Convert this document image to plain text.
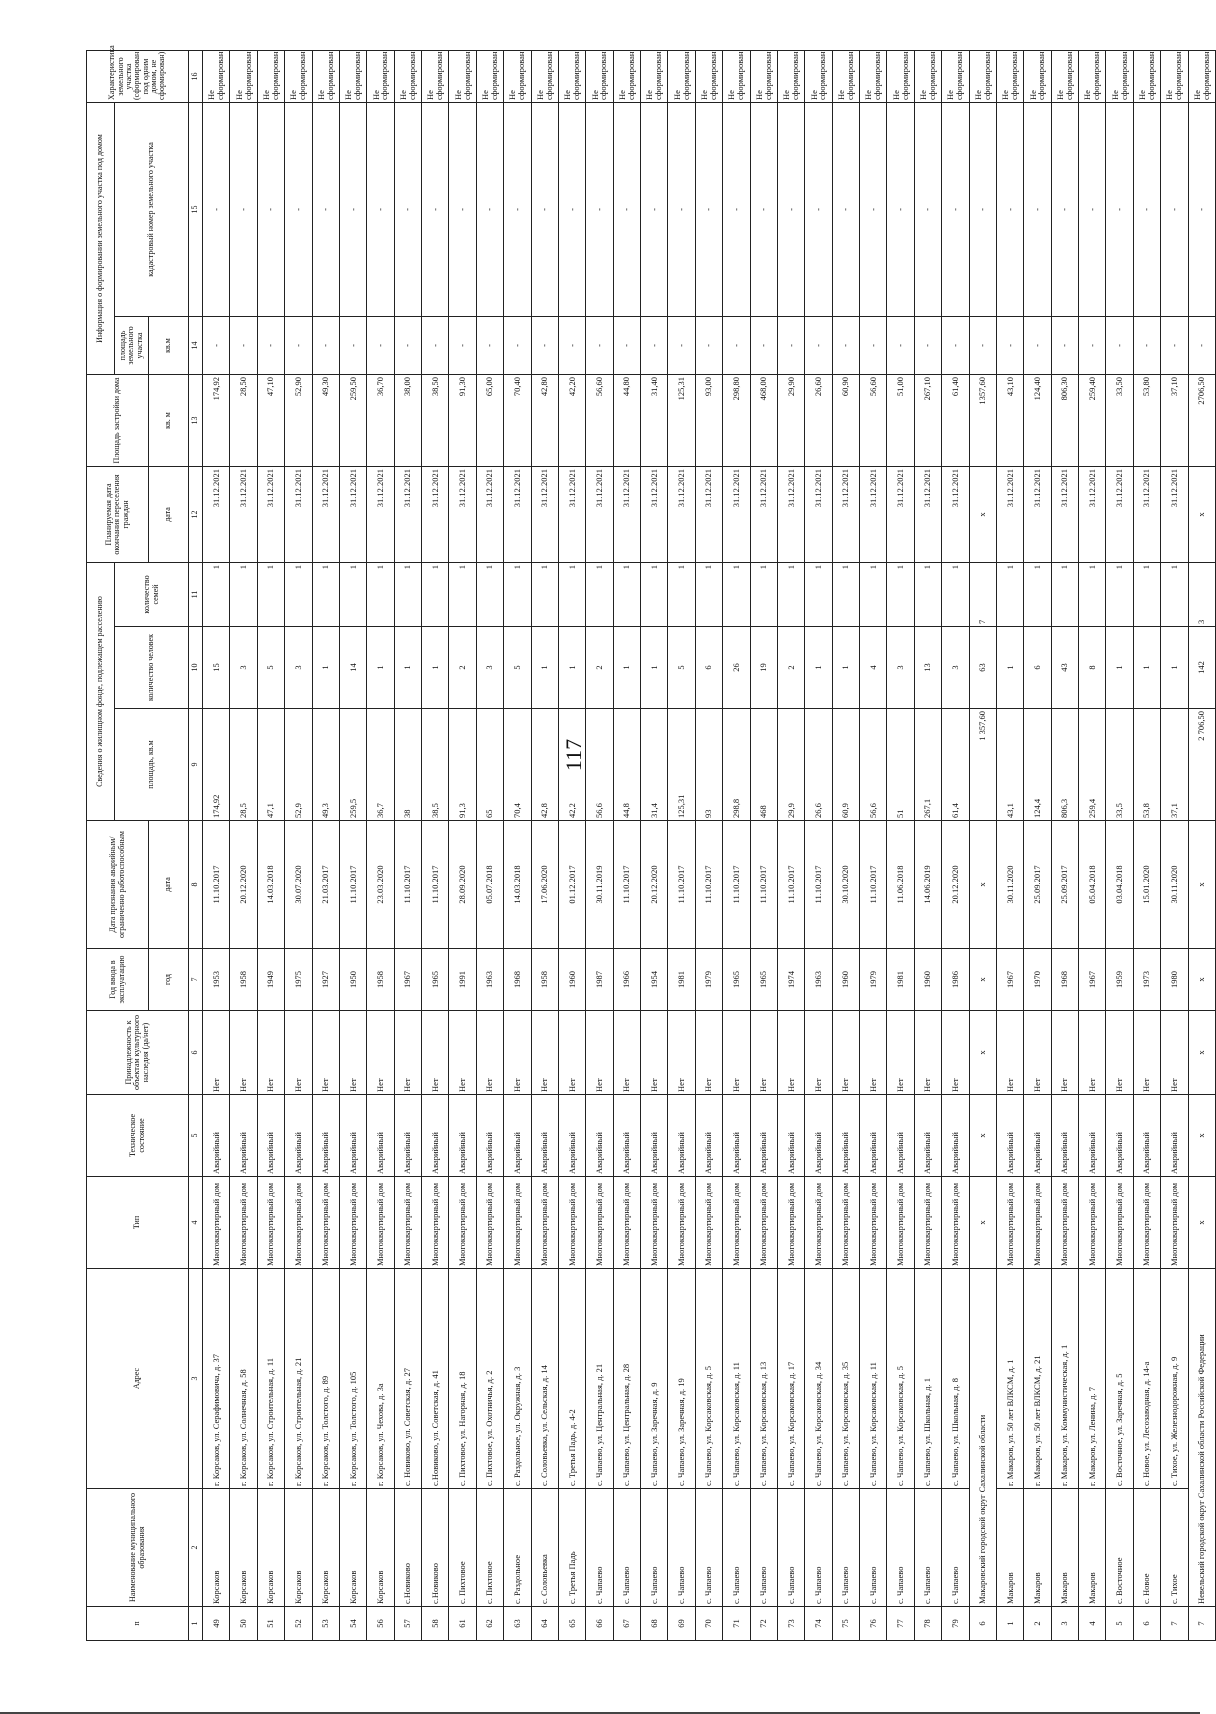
117
п	Наименование муниципального образования	Адрес	Тип	Техническое состояние	Принадлежность к объектам культурного наследия (да/нет)	Год ввода в эксплуатацию	Дата признания аварийным/ограниченно работоспособным	Сведения о жилищном фонде, подлежащем расселению			Планируемая дата окончания переселения граждан	Площадь застройки дома	Информация о формировании земельного участка под домом		Характеристика земельного участка (сформирован под одним домом, не сформирован)
								площадь, кв.м	количество человек	количество семей			площадь земельного участка	кадастровый номер земельного участка	
						год	дата				дата	кв. м	кв.м		
1	2	3	4	5	6	7	8	9	10	11	12	13	14	15	16
49	Корсаков	г. Корсаков, ул. Серафимовича, д. 37	Многоквартирный дом	Аварийный	Нет	1953	11.10.2017	174,92	15	1	31.12.2021	174,92	-	-	Не сформирован
50	Корсаков	г. Корсаков, ул. Солнечная, д. 58	Многоквартирный дом	Аварийный	Нет	1958	20.12.2020	28,5	3	1	31.12.2021	28,50	-	-	Не сформирован
51	Корсаков	г. Корсаков, ул. Строительная, д. 11	Многоквартирный дом	Аварийный	Нет	1949	14.03.2018	47,1	5	1	31.12.2021	47,10	-	-	Не сформирован
52	Корсаков	г. Корсаков, ул. Строительная, д. 21	Многоквартирный дом	Аварийный	Нет	1975	30.07.2020	52,9	3	1	31.12.2021	52,90	-	-	Не сформирован
53	Корсаков	г. Корсаков, ул. Толстого, д. 89	Многоквартирный дом	Аварийный	Нет	1927	21.03.2017	49,3	1	1	31.12.2021	49,30	-	-	Не сформирован
54	Корсаков	г. Корсаков, ул. Толстого, д. 105	Многоквартирный дом	Аварийный	Нет	1950	11.10.2017	259,5	14	1	31.12.2021	259,50	-	-	Не сформирован
56	Корсаков	г. Корсаков, ул. Чехова, д. 3а	Многоквартирный дом	Аварийный	Нет	1958	23.03.2020	36,7	1	1	31.12.2021	36,70	-	-	Не сформирован
57	с.Новиково	с. Новиково, ул. Советская, д. 27	Многоквартирный дом	Аварийный	Нет	1967	11.10.2017	38	1	1	31.12.2021	38,00	-	-	Не сформирован
58	с.Новиково	с.Новиково, ул. Советская, д. 41	Многоквартирный дом	Аварийный	Нет	1965	11.10.2017	38,5	1	1	31.12.2021	38,50	-	-	Не сформирован
61	с. Пихтовое	с. Пихтовое, ул. Нагорная, д. 18	Многоквартирный дом	Аварийный	Нет	1991	28.09.2020	91,3	2	1	31.12.2021	91,30	-	-	Не сформирован
62	с. Пихтовое	с. Пихтовое, ул. Охотничья, д. 2	Многоквартирный дом	Аварийный	Нет	1963	05.07.2018	65	3	1	31.12.2021	65,00	-	-	Не сформирован
63	с. Раздольное	с. Раздольное, ул. Окружная, д. 3	Многоквартирный дом	Аварийный	Нет	1968	14.03.2018	70,4	5	1	31.12.2021	70,40	-	-	Не сформирован
64	с. Соловьевка	с. Соловьевка, ул. Сельская, д. 14	Многоквартирный дом	Аварийный	Нет	1958	17.06.2020	42,8	1	1	31.12.2021	42,80	-	-	Не сформирован
65	с. Третья Падь	с. Третья Падь, д. 4-2	Многоквартирный дом	Аварийный	Нет	1960	01.12.2017	42,2	1	1	31.12.2021	42,20	-	-	Не сформирован
66	с. Чапаево	с. Чапаево, ул. Центральная, д. 21	Многоквартирный дом	Аварийный	Нет	1987	30.11.2019	56,6	2	1	31.12.2021	56,60	-	-	Не сформирован
67	с. Чапаево	с. Чапаево, ул. Центральная, д. 28	Многоквартирный дом	Аварийный	Нет	1966	11.10.2017	44,8	1	1	31.12.2021	44,80	-	-	Не сформирован
68	с. Чапаево	с. Чапаево, ул. Заречная, д. 9	Многоквартирный дом	Аварийный	Нет	1954	20.12.2020	31,4	1	1	31.12.2021	31,40	-	-	Не сформирован
69	с. Чапаево	с. Чапаево, ул. Заречная, д. 19	Многоквартирный дом	Аварийный	Нет	1981	11.10.2017	125,31	5	1	31.12.2021	125,31	-	-	Не сформирован
70	с. Чапаево	с. Чапаево, ул. Корсаковская, д. 5	Многоквартирный дом	Аварийный	Нет	1979	11.10.2017	93	6	1	31.12.2021	93,00	-	-	Не сформирован
71	с. Чапаево	с. Чапаево, ул. Корсаковская, д. 11	Многоквартирный дом	Аварийный	Нет	1965	11.10.2017	298,8	26	1	31.12.2021	298,80	-	-	Не сформирован
72	с. Чапаево	с. Чапаево, ул. Корсаковская, д. 13	Многоквартирный дом	Аварийный	Нет	1965	11.10.2017	468	19	1	31.12.2021	468,00	-	-	Не сформирован
73	с. Чапаево	с. Чапаево, ул. Корсаковская, д. 17	Многоквартирный дом	Аварийный	Нет	1974	11.10.2017	29,9	2	1	31.12.2021	29,90	-	-	Не сформирован
74	с. Чапаево	с. Чапаево, ул. Корсаковская, д. 34	Многоквартирный дом	Аварийный	Нет	1963	11.10.2017	26,6	1	1	31.12.2021	26,60	-	-	Не сформирован
75	с. Чапаево	с. Чапаево, ул. Корсаковская, д. 35	Многоквартирный дом	Аварийный	Нет	1960	30.10.2020	60,9	1	1	31.12.2021	60,90	-	-	Не сформирован
76	с. Чапаево	с. Чапаево, ул. Корсаковская, д. 11	Многоквартирный дом	Аварийный	Нет	1979	11.10.2017	56,6	4	1	31.12.2021	56,60	-	-	Не сформирован
77	с. Чапаево	с. Чапаево, ул. Корсаковская, д. 5	Многоквартирный дом	Аварийный	Нет	1981	11.06.2018	51	3	1	31.12.2021	51,00	-	-	Не сформирован
78	с. Чапаево	с. Чапаево, ул. Школьная, д. 1	Многоквартирный дом	Аварийный	Нет	1960	14.06.2019	267,1	13	1	31.12.2021	267,10	-	-	Не сформирован
79	с. Чапаево	с. Чапаево, ул. Школьная, д. 8	Многоквартирный дом	Аварийный	Нет	1986	20.12.2020	61,4	3	1	31.12.2021	61,40	-	-	Не сформирован
6	Макаровский городской округ Сахалинской области		х	х	х	х	х	1 357,60	63	7	х	1357,60	-	-	Не сформирован
1	Макаров	г. Макаров, ул. 50 лет ВЛКСМ, д. 1	Многоквартирный дом	Аварийный	Нет	1967	30.11.2020	43,1	1	1	31.12.2021	43,10	-	-	Не сформирован
2	Макаров	г. Макаров, ул. 50 лет ВЛКСМ, д. 21	Многоквартирный дом	Аварийный	Нет	1970	25.09.2017	124,4	6	1	31.12.2021	124,40	-	-	Не сформирован
3	Макаров	г. Макаров, ул. Коммунистическая, д. 1	Многоквартирный дом	Аварийный	Нет	1968	25.09.2017	806,3	43	1	31.12.2021	806,30	-	-	Не сформирован
4	Макаров	г. Макаров, ул. Ленина, д. 7	Многоквартирный дом	Аварийный	Нет	1967	05.04.2018	259,4	8	1	31.12.2021	259,40	-	-	Не сформирован
5	с. Восточное	с. Восточное, ул. Заречная, д. 5	Многоквартирный дом	Аварийный	Нет	1959	03.04.2018	33,5	1	1	31.12.2021	33,50	-	-	Не сформирован
6	с. Новое	с. Новое, ул. Лесозаводная, д. 14-а	Многоквартирный дом	Аварийный	Нет	1973	15.01.2020	53,8	1	1	31.12.2021	53,80	-	-	Не сформирован
7	с. Тихое	с. Тихое, ул. Железнодорожная, д. 9	Многоквартирный дом	Аварийный	Нет	1980	30.11.2020	37,1	1	1	31.12.2021	37,10	-	-	Не сформирован
7	Невельский городской округ Сахалинской области Российской Федерации		х	х	х	х	х	2 706,50	142	3	х	2706,50	-	-	Не сформирован
